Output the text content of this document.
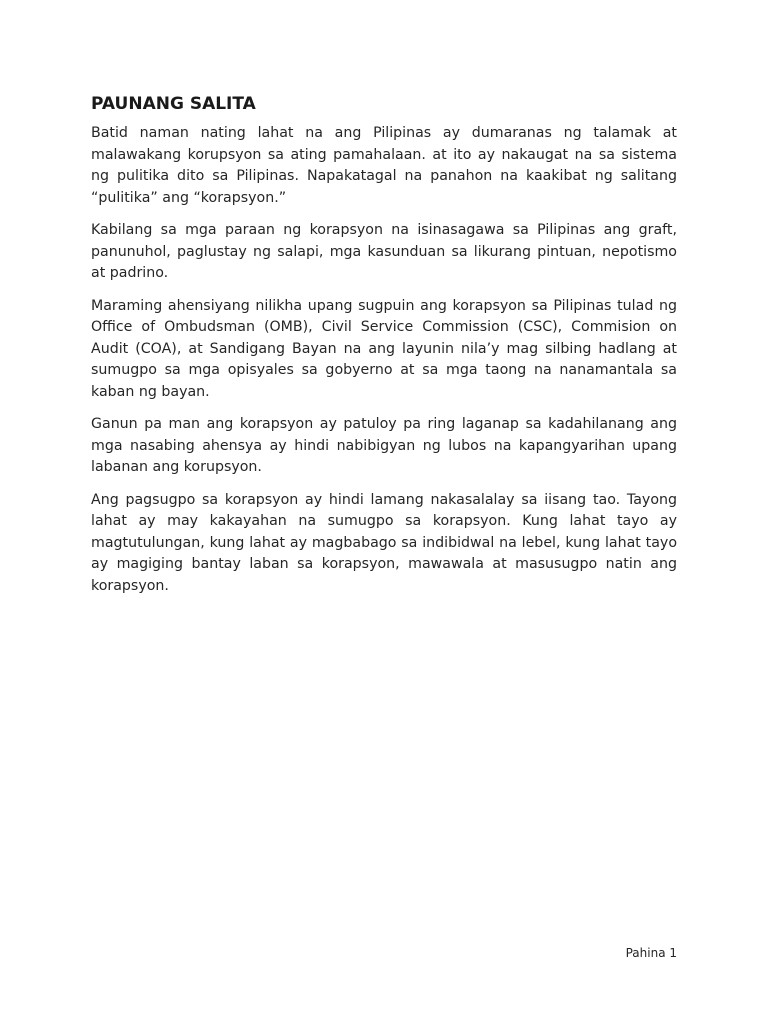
PAUNANG SALITA

Batid naman nating lahat na ang Pilipinas ay dumaranas ng talamak at malawakang korupsyon sa ating pamahalaan. at ito ay nakaugat na sa sistema ng pulitika dito sa Pilipinas. Napakatagal na panahon na kaakibat ng salitang “pulitika” ang “korapsyon.”

Kabilang sa mga paraan ng korapsyon na isinasagawa sa Pilipinas ang graft, panunuhol, paglustay ng salapi, mga kasunduan sa likurang pintuan, nepotismo at padrino.

Maraming ahensiyang nilikha upang sugpuin ang korapsyon sa Pilipinas tulad ng Office of Ombudsman (OMB), Civil Service Commission (CSC), Commision on Audit (COA), at Sandigang Bayan na ang layunin nila’y mag silbing hadlang at sumugpo sa mga opisyales sa gobyerno at sa mga taong na nanamantala sa kaban ng bayan.

Ganun pa man ang korapsyon ay patuloy pa ring laganap sa kadahilanang ang mga nasabing ahensya ay hindi nabibigyan ng lubos na kapangyarihan upang labanan ang korupsyon.

Ang pagsugpo sa korapsyon ay hindi lamang nakasalalay sa iisang tao. Tayong lahat ay may kakayahan na sumugpo sa korapsyon. Kung lahat tayo ay magtutulungan, kung lahat ay magbabago sa indibidwal na lebel, kung lahat tayo ay magiging bantay laban sa korapsyon, mawawala at masusugpo natin ang korapsyon.

Pahina 1
